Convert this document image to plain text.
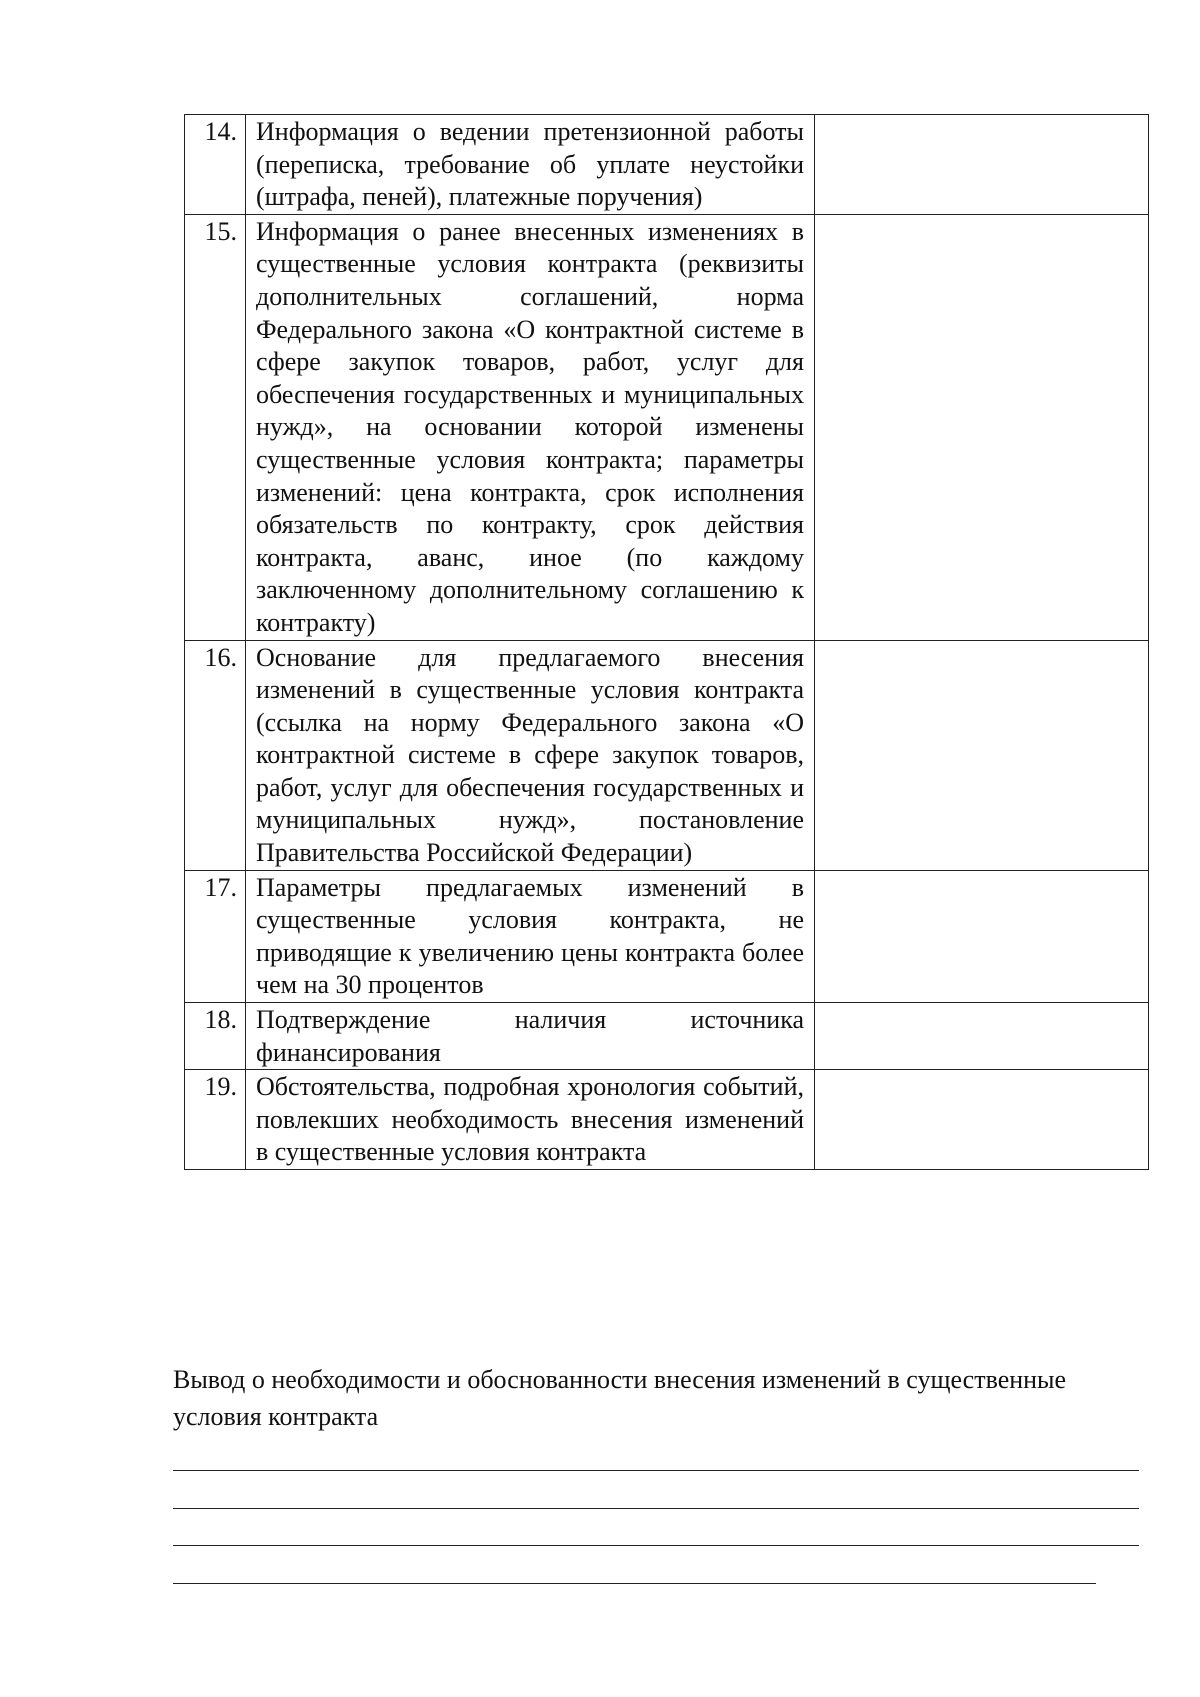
14.	Информация о ведении претензионной работы (переписка, требование об уплате неустойки (штрафа, пеней), платежные поручения)	
15.	Информация о ранее внесенных изменениях в существенные условия контракта (реквизиты дополнительных соглашений, норма Федерального закона «О контрактной системе в сфере закупок товаров, работ, услуг для обеспечения государственных и муниципальных нужд», на основании которой изменены существенные условия контракта; параметры изменений: цена контракта, срок исполнения обязательств по контракту, срок действия контракта, аванс, иное (по каждому заключенному дополнительному соглашению к контракту)	
16.	Основание для предлагаемого внесения изменений в существенные условия контракта (ссылка на норму Федерального закона «О контрактной системе в сфере закупок товаров, работ, услуг для обеспечения государственных и муниципальных нужд», постановление Правительства Российской Федерации)	
17.	Параметры предлагаемых изменений в существенные условия контракта, не приводящие к увеличению цены контракта более чем на 30 процентов	
18.	Подтверждение наличия источника финансирования	
19.	Обстоятельства, подробная хронология событий, повлекших необходимость внесения изменений в существенные условия контракта	
Вывод о необходимости и обоснованности внесения изменений в существенные условия контракта
